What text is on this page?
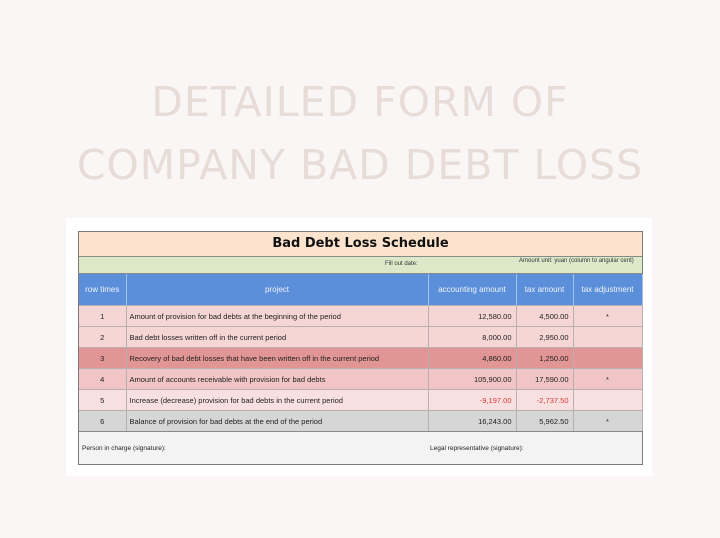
DETAILED FORM OF
COMPANY BAD DEBT LOSS
Bad Debt Loss Schedule
Fill out date:	Amount unit: yuan (column to angular cent)
row times	project	accounting amount	tax amount	tax adjustment
1	Amount of provision for bad debts at the beginning of the period	12,580.00	4,500.00	*
2	Bad debt losses written off in the current period	8,000.00	2,950.00	
3	Recovery of bad debt losses that have been written off in the current period	4,860.00	1,250.00	
4	Amount of accounts receivable with provision for bad debts	105,900.00	17,590.00	*
5	Increase (decrease) provision for bad debts in the current period	-9,197.00	-2,737.50	
6	Balance of provision for bad debts at the end of the period	16,243.00	5,962.50	*
Person in charge (signature):	Legal representative (signature):
